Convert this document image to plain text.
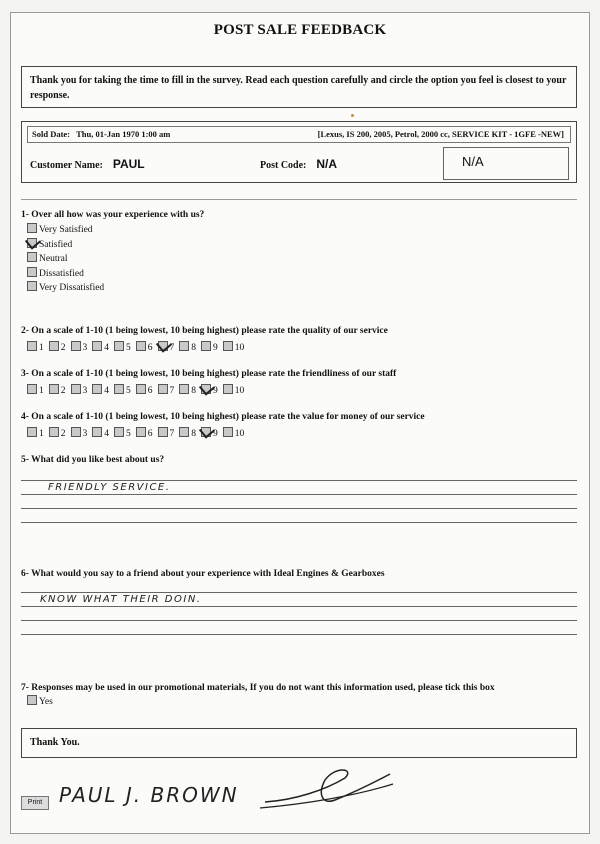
POST SALE FEEDBACK
Thank you for taking the time to fill in the survey. Read each question carefully and circle the option you feel is closest to your response.
Sold Date: Thu, 01-Jan 1970 1:00 am	[Lexus, IS 200, 2005, Petrol, 2000 cc, SERVICE KIT - 1GFE -NEW]
Customer Name: PAUL	Post Code: N/A	N/A
1- Over all how was your experience with us?
Very Satisfied
Satisfied
Neutral
Dissatisfied
Very Dissatisfied
2- On a scale of 1-10 (1 being lowest, 10 being highest) please rate the quality of our service
1 2 3 4 5 6 7 8 9 10
3- On a scale of 1-10 (1 being lowest, 10 being highest) please rate the friendliness of our staff
1 2 3 4 5 6 7 8 9 10
4- On a scale of 1-10 (1 being lowest, 10 being highest) please rate the value for money of our service
1 2 3 4 5 6 7 8 9 10
5- What did you like best about us?
FRIENDLY SERVICE.
6- What would you say to a friend about your experience with Ideal Engines & Gearboxes
KNOW WHAT THEIR DOIN.
7- Responses may be used in our promotional materials, If you do not want this information used, please tick this box
Yes
Thank You.
Print PAUL J. BROWN
